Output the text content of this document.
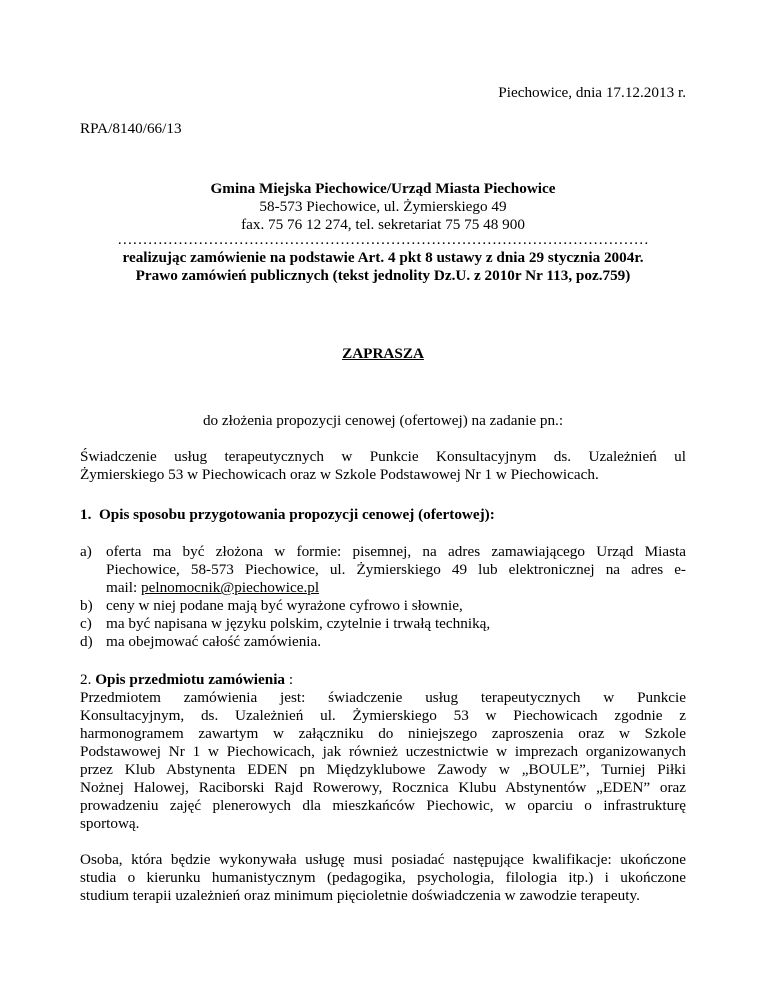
Piechowice, dnia 17.12.2013 r.
RPA/8140/66/13
Gmina Miejska Piechowice/Urząd Miasta Piechowice
58-573 Piechowice, ul. Żymierskiego 49
fax. 75 76 12 274, tel. sekretariat 75 75 48 900
……………………………………………………………………………………………
realizując zamówienie na podstawie Art. 4 pkt 8 ustawy z dnia 29 stycznia 2004r.
Prawo zamówień publicznych (tekst jednolity Dz.U. z 2010r Nr 113, poz.759)
ZAPRASZA
do złożenia propozycji cenowej (ofertowej) na zadanie pn.:
Świadczenie usług terapeutycznych w Punkcie Konsultacyjnym ds. Uzależnień ul
Żymierskiego 53 w Piechowicach oraz w Szkole Podstawowej Nr 1 w Piechowicach.
1.  Opis sposobu przygotowania propozycji cenowej (ofertowej):
a) oferta ma być złożona w formie: pisemnej, na adres zamawiającego Urząd Miasta
Piechowice, 58-573 Piechowice, ul. Żymierskiego 49 lub elektronicznej na adres e-
mail: pelnomocnik@piechowice.pl
b) ceny w niej podane mają być wyrażone cyfrowo i słownie,
c) ma być napisana w języku polskim, czytelnie i trwałą techniką,
d) ma obejmować całość zamówienia.
2. Opis przedmiotu zamówienia :
Przedmiotem zamówienia jest: świadczenie usług terapeutycznych w Punkcie
Konsultacyjnym, ds. Uzależnień ul. Żymierskiego 53 w Piechowicach zgodnie z
harmonogramem zawartym w załączniku do niniejszego zaproszenia oraz w Szkole
Podstawowej Nr 1 w Piechowicach, jak również uczestnictwie w imprezach organizowanych
przez Klub Abstynenta EDEN pn Międzyklubowe Zawody w „BOULE”, Turniej Piłki
Nożnej Halowej, Raciborski Rajd Rowerowy, Rocznica Klubu Abstynentów „EDEN” oraz
prowadzeniu zajęć plenerowych dla mieszkańców Piechowic, w oparciu o infrastrukturę
sportową.
Osoba, która będzie wykonywała usługę musi posiadać następujące kwalifikacje: ukończone
studia o kierunku humanistycznym (pedagogika, psychologia, filologia itp.) i ukończone
studium terapii uzależnień oraz minimum pięcioletnie doświadczenia w zawodzie terapeuty.
